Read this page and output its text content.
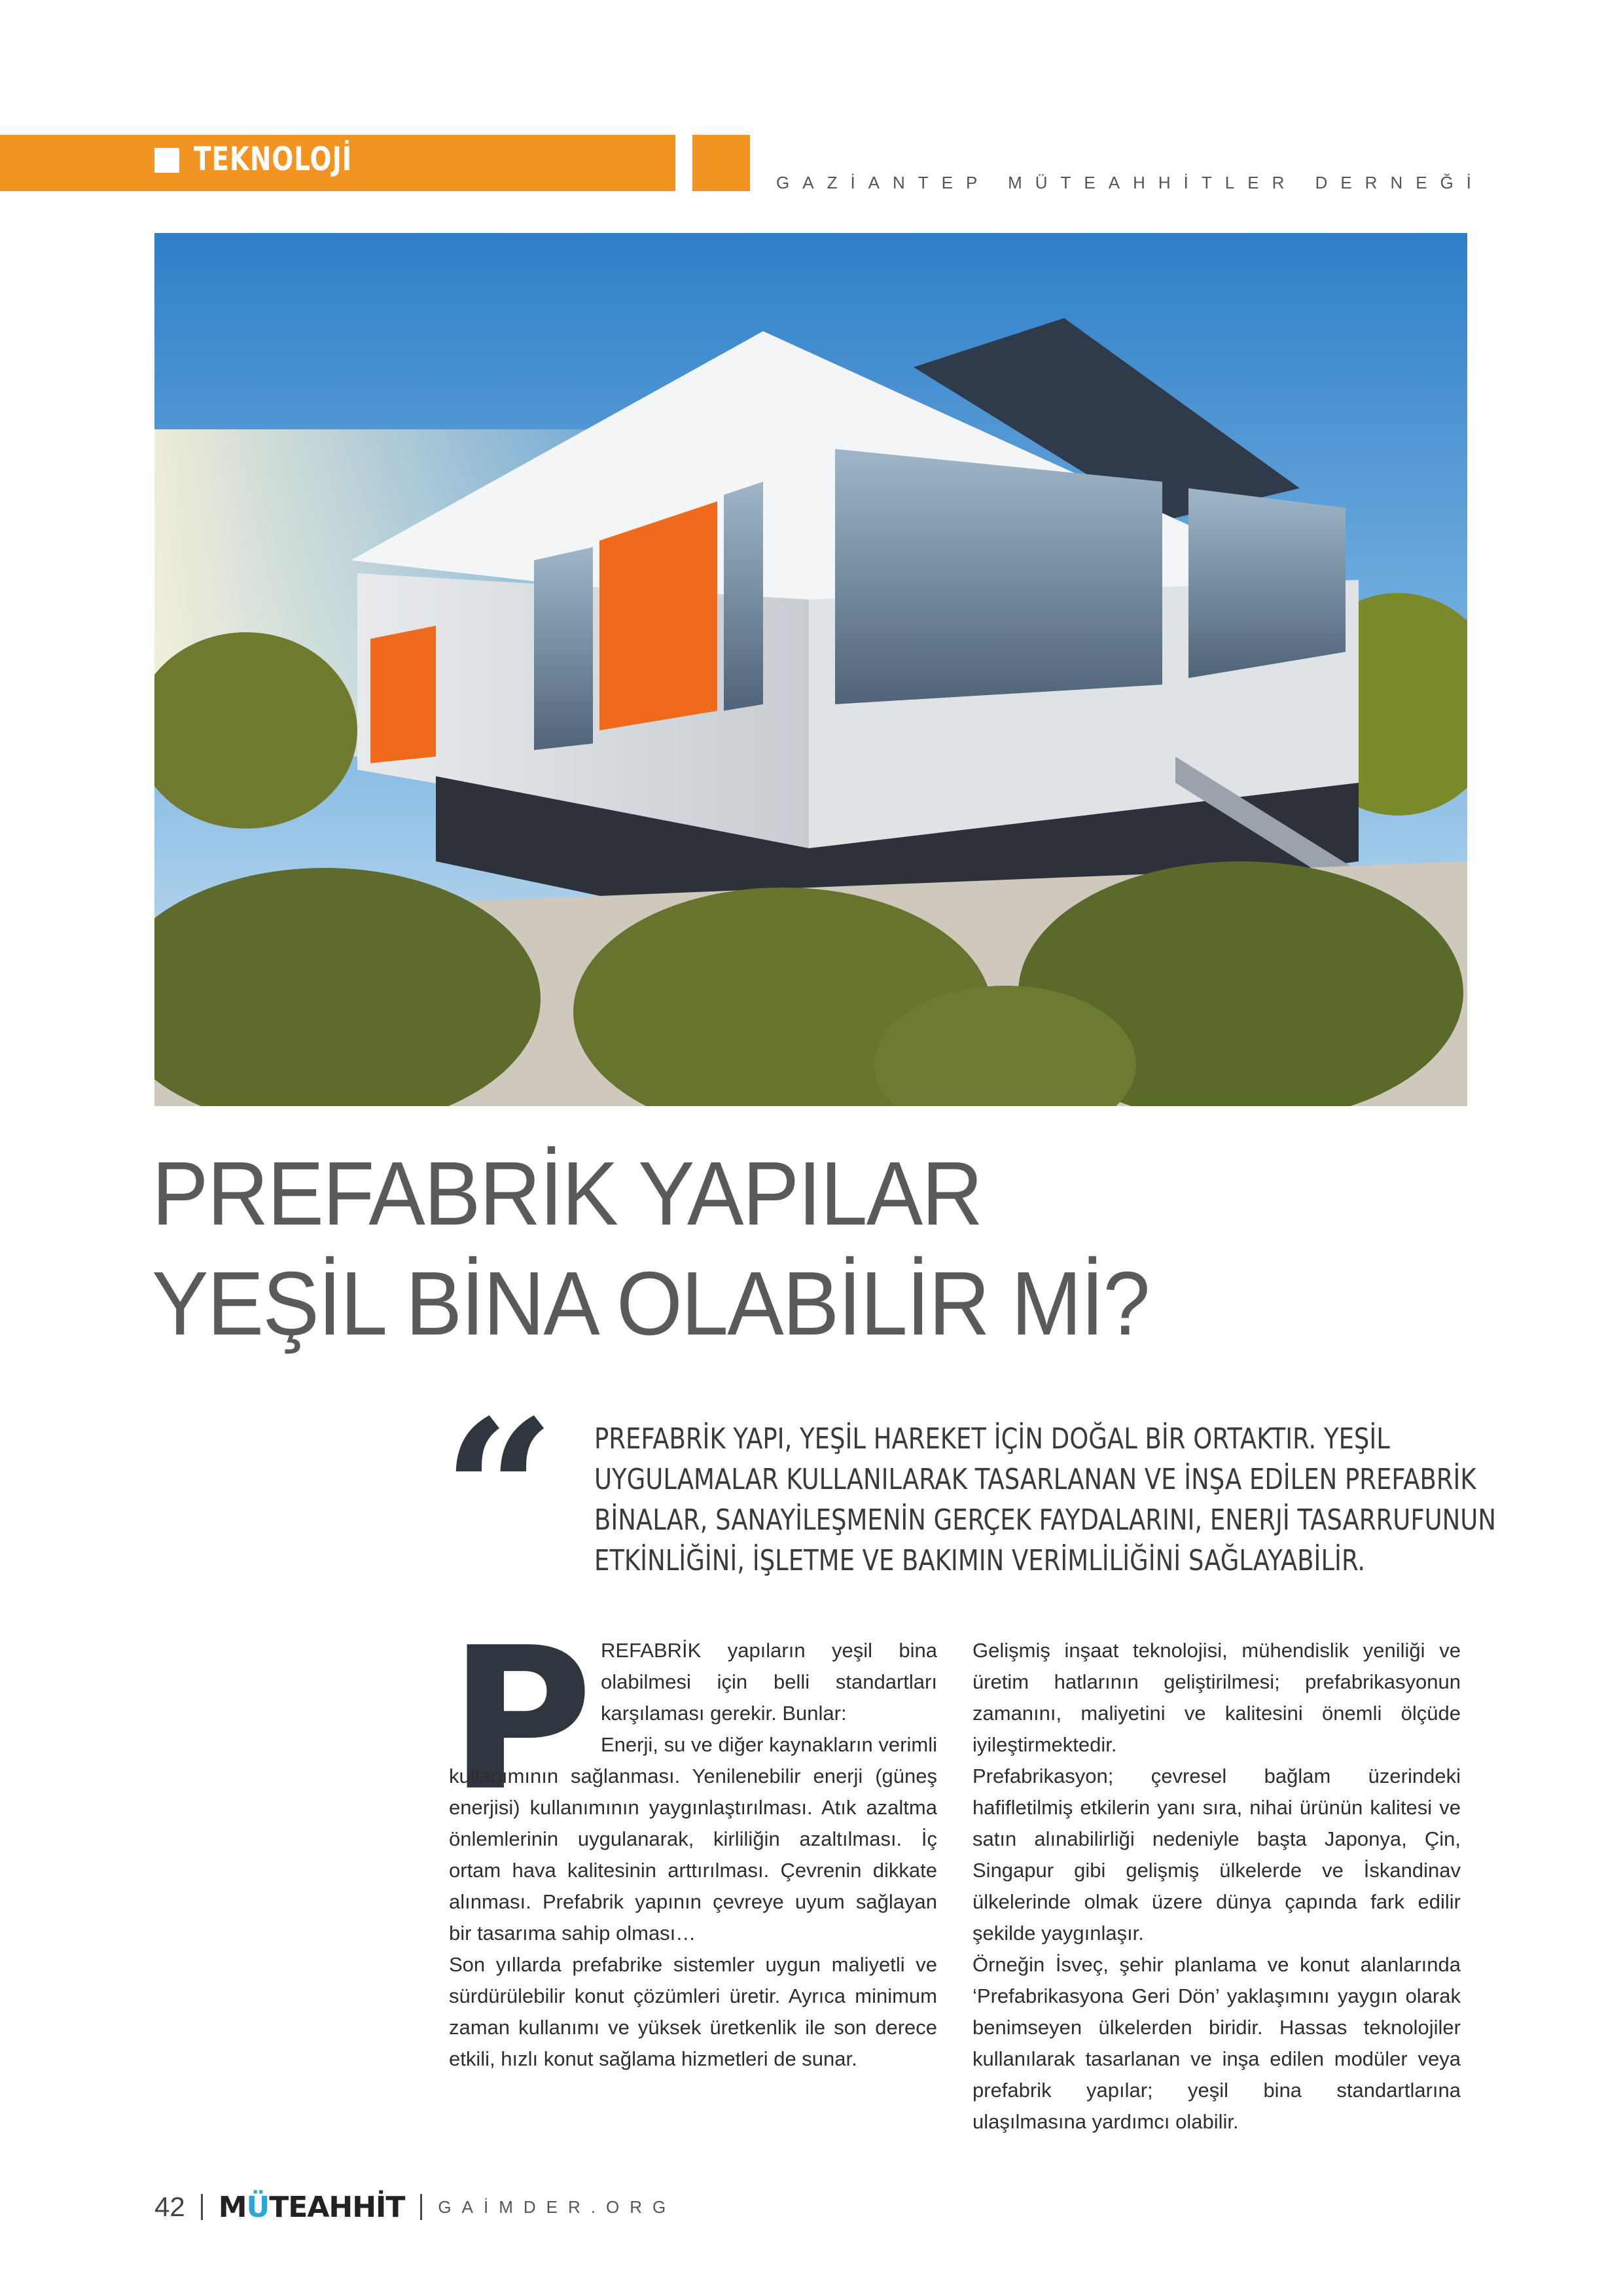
TEKNOLOJİ
GAZİANTEP MÜTEAHHİTLER DERNEĞİ
PREFABRİK YAPILAR
YEŞİL BİNA OLABİLİR Mİ?
“ PREFABRİK YAPI, YEŞİL HAREKET İÇİN DOĞAL BİR ORTAKTIR. YEŞİL
UYGULAMALAR KULLANILARAK TASARLANAN VE İNŞA EDİLEN PREFABRİK
BİNALAR, SANAYİLEŞMENİN GERÇEK FAYDALARINI, ENERJİ TASARRUFUNUN
ETKİNLİĞİNİ, İŞLETME VE BAKIMIN VERİMLİLİĞİNİ SAĞLAYABİLİR.
P REFABRİK yapıların yeşil bina olabilmesi için belli standartları karşılaması gerekir. Bunlar:

Enerji, su ve diğer kaynakların verimli kullanımının sağlanması. Yenilenebilir enerji (güneş enerjisi) kullanımının yaygınlaştırılması. Atık azaltma önlemlerinin uygulanarak, kirliliğin azaltılması. İç ortam hava kalitesinin arttırılması. Çevrenin dikkate alınması. Prefabrik yapının çevreye uyum sağlayan bir tasarıma sahip olması…

Son yıllarda prefabrike sistemler uygun maliyetli ve sürdürülebilir konut çözümleri üretir. Ayrıca minimum zaman kullanımı ve yüksek üretkenlik ile son derece etkili, hızlı konut sağlama hizmetleri de sunar.

Gelişmiş inşaat teknolojisi, mühendislik yeniliği ve üretim hatlarının geliştirilmesi; prefabrikasyonun zamanını, maliyetini ve kalitesini önemli ölçüde iyileştirmektedir.

Prefabrikasyon; çevresel bağlam üzerindeki hafifletilmiş etkilerin yanı sıra, nihai ürünün kalitesi ve satın alınabilirliği nedeniyle başta Japonya, Çin, Singapur gibi gelişmiş ülkelerde ve İskandinav ülkelerinde olmak üzere dünya çapında fark edilir şekilde yaygınlaşır.

Örneğin İsveç, şehir planlama ve konut alanlarında ‘Prefabrikasyona Geri Dön’ yaklaşımını yaygın olarak benimseyen ülkelerden biridir. Hassas teknolojiler kullanılarak tasarlanan ve inşa edilen modüler veya prefabrik yapılar; yeşil bina standartlarına ulaşılmasına yardımcı olabilir.

42 MÜTEAHHİT GAİMDER.ORG
